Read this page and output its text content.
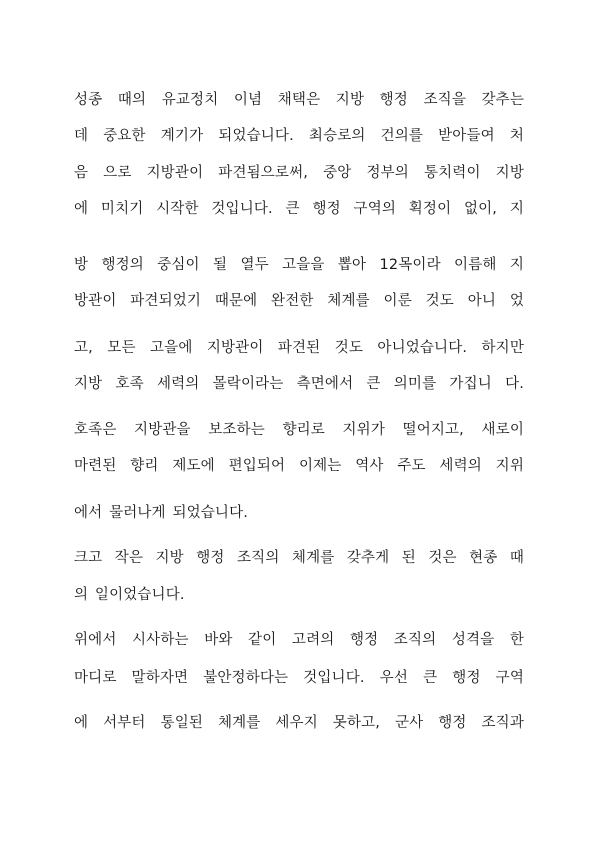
성종 때의 유교정치 이념 채택은 지방 행정 조직을 갖추는
데 중요한 계기가 되었습니다. 최승로의 건의를 받아들여 처
음 으로 지방관이 파견됨으로써, 중앙 정부의 통치력이 지방
에 미치기 시작한 것입니다. 큰 행정 구역의 획정이 없이, 지
방 행정의 중심이 될 열두 고을을 뽑아 12목이라 이름해 지
방관이 파견되었기 때문에 완전한 체계를 이룬 것도 아니 었
고, 모든 고을에 지방관이 파견된 것도 아니었습니다. 하지만
지방 호족 세력의 몰락이라는 측면에서 큰 의미를 가집니 다.
호족은 지방관을 보조하는 향리로 지위가 떨어지고, 새로이
마련된 향리 제도에 편입되어 이제는 역사 주도 세력의 지위
에서 물러나게 되었습니다.
크고 작은 지방 행정 조직의 체계를 갖추게 된 것은 현종 때
의 일이었습니다.
위에서 시사하는 바와 같이 고려의 행정 조직의 성격을 한
마디로 말하자면 불안정하다는 것입니다. 우선 큰 행정 구역
에 서부터 통일된 체계를 세우지 못하고, 군사 행정 조직과
